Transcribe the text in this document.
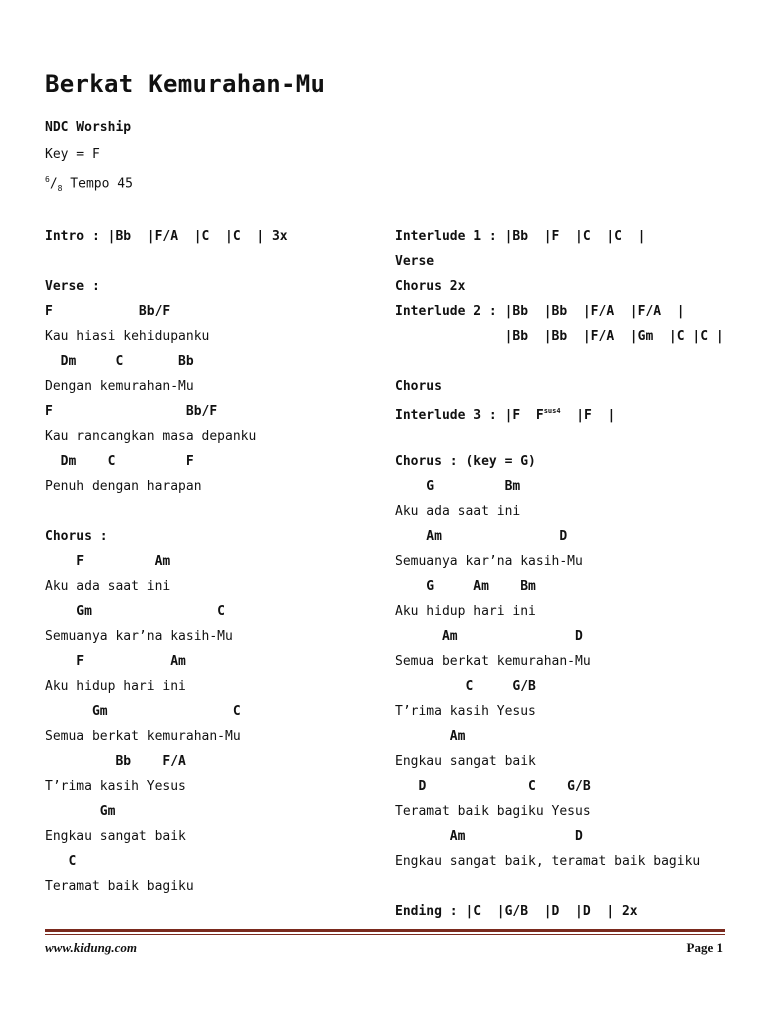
Berkat Kemurahan-Mu
NDC Worship
Key = F
$^6/_8$ Tempo 45
Intro : |Bb  |F/A  |C  |C  | 3x
Verse :
F           Bb/F
Kau hiasi kehidupanku
Dm     C       Bb
Dengan kemurahan-Mu
F                 Bb/F
Kau rancangkan masa depanku
Dm    C         F
Penuh dengan harapan
Chorus :
F         Am
Aku ada saat ini
Gm                C
Semuanya kar’na kasih-Mu
F           Am
Aku hidup hari ini
Gm                C
Semua berkat kemurahan-Mu
Bb    F/A
T’rima kasih Yesus
Gm
Engkau sangat baik
C
Teramat baik bagiku
Interlude 1 : |Bb  |F  |C  |C  |
Verse
Chorus 2x
Interlude 2 : |Bb  |Bb  |F/A  |F/A  |
|Bb  |Bb  |F/A  |Gm  |C |C |
Chorus
Interlude 3 : |F  $F^{sus4}$  |F  |
Chorus : (key = G)
G         Bm
Aku ada saat ini
Am               D
Semuanya kar’na kasih-Mu
G     Am    Bm
Aku hidup hari ini
Am               D
Semua berkat kemurahan-Mu
C     G/B
T’rima kasih Yesus
Am
Engkau sangat baik
D             C    G/B
Teramat baik bagiku Yesus
Am              D
Engkau sangat baik, teramat baik bagiku
Ending : |C  |G/B  |D  |D  | 2x
www.kidung.com	Page 1
